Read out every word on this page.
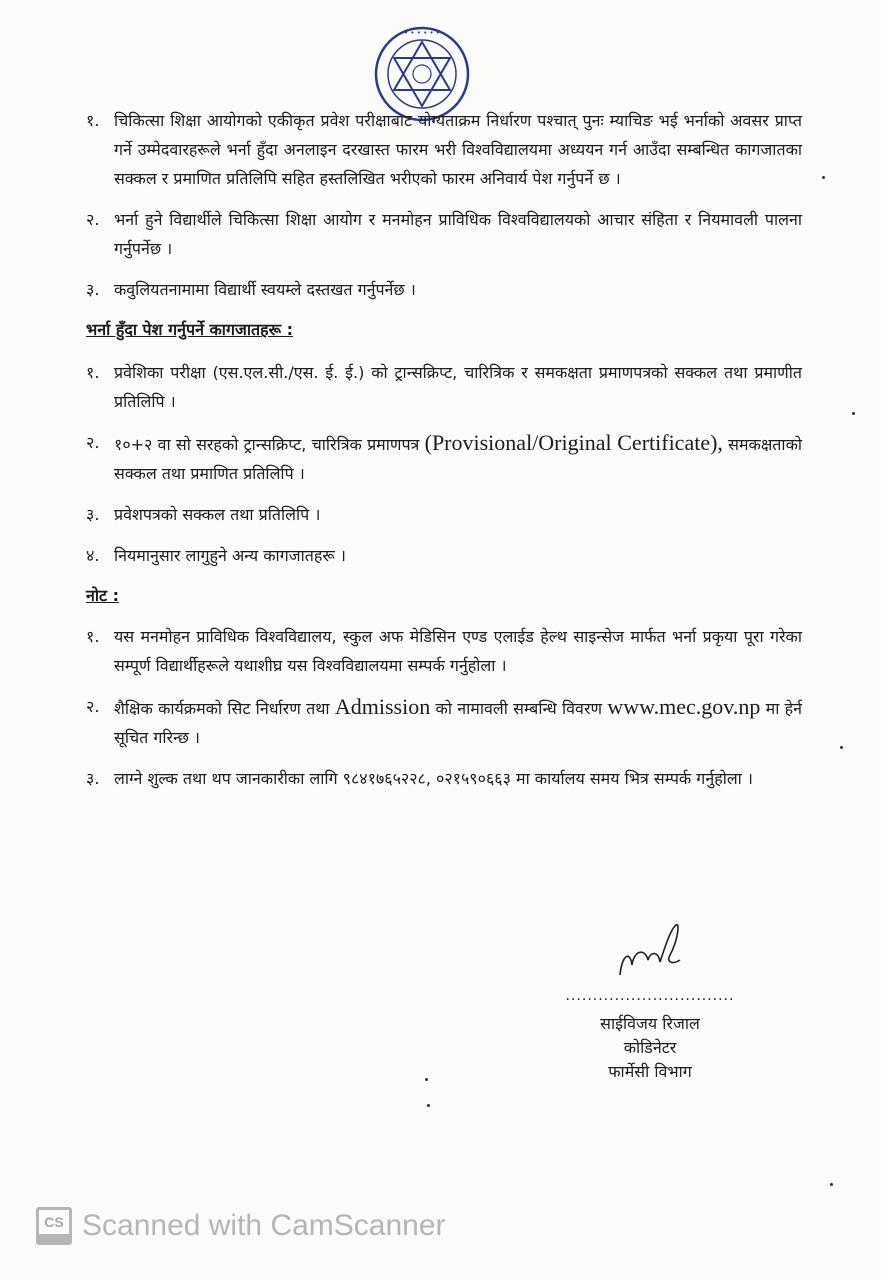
• • • • • •
१. चिकित्सा शिक्षा आयोगको एकीकृत प्रवेश परीक्षाबाट योग्यताक्रम निर्धारण पश्चात् पुनः म्याचिङ भई भर्नाको अवसर प्राप्त गर्ने उम्मेदवारहरूले भर्ना हुँदा अनलाइन दरखास्त फारम भरी विश्वविद्यालयमा अध्ययन गर्न आउँदा सम्बन्धित कागजातका सक्कल र प्रमाणित प्रतिलिपि सहित हस्तलिखित भरीएको फारम अनिवार्य पेश गर्नुपर्ने छ ।
२. भर्ना हुने विद्यार्थीले चिकित्सा शिक्षा आयोग र मनमोहन प्राविधिक विश्वविद्यालयको आचार संहिता र नियमावली पालना गर्नुपर्नेछ ।
३. कवुलियतनामामा विद्यार्थी स्वयम्ले दस्तखत गर्नुपर्नेछ ।
भर्ना हुँदा पेश गर्नुपर्ने कागजातहरू :
१. प्रवेशिका परीक्षा (एस.एल.सी./एस. ई. ई.) को ट्रान्सक्रिप्ट, चारित्रिक र समकक्षता प्रमाणपत्रको सक्कल तथा प्रमाणीत प्रतिलिपि ।
२. १०+२ वा सो सरहको ट्रान्सक्रिप्ट, चारित्रिक प्रमाणपत्र (Provisional/Original Certificate), समकक्षताको सक्कल तथा प्रमाणित प्रतिलिपि ।
३. प्रवेशपत्रको सक्कल तथा प्रतिलिपि ।
४. नियमानुसार लागुहुने अन्य कागजातहरू ।
नोट :
१. यस मनमोहन प्राविधिक विश्वविद्यालय, स्कुल अफ मेडिसिन एण्ड एलाईड हेल्थ साइन्सेज मार्फत भर्ना प्रकृया पूरा गरेका सम्पूर्ण विद्यार्थीहरूले यथाशीघ्र यस विश्वविद्यालयमा सम्पर्क गर्नुहोला ।
२. शैक्षिक कार्यक्रमको सिट निर्धारण तथा Admission को नामावली सम्बन्धि विवरण www.mec.gov.np मा हेर्न सूचित गरिन्छ ।
३. लाग्ने शुल्क तथा थप जानकारीका लागि ९८४१७६५२२८, ०२१५९०६६३ मा कार्यालय समय भित्र सम्पर्क गर्नुहोला ।
...............................
साईविजय रिजाल
कोडिनेटर
फार्मेसी विभाग
CS Scanned with CamScanner
